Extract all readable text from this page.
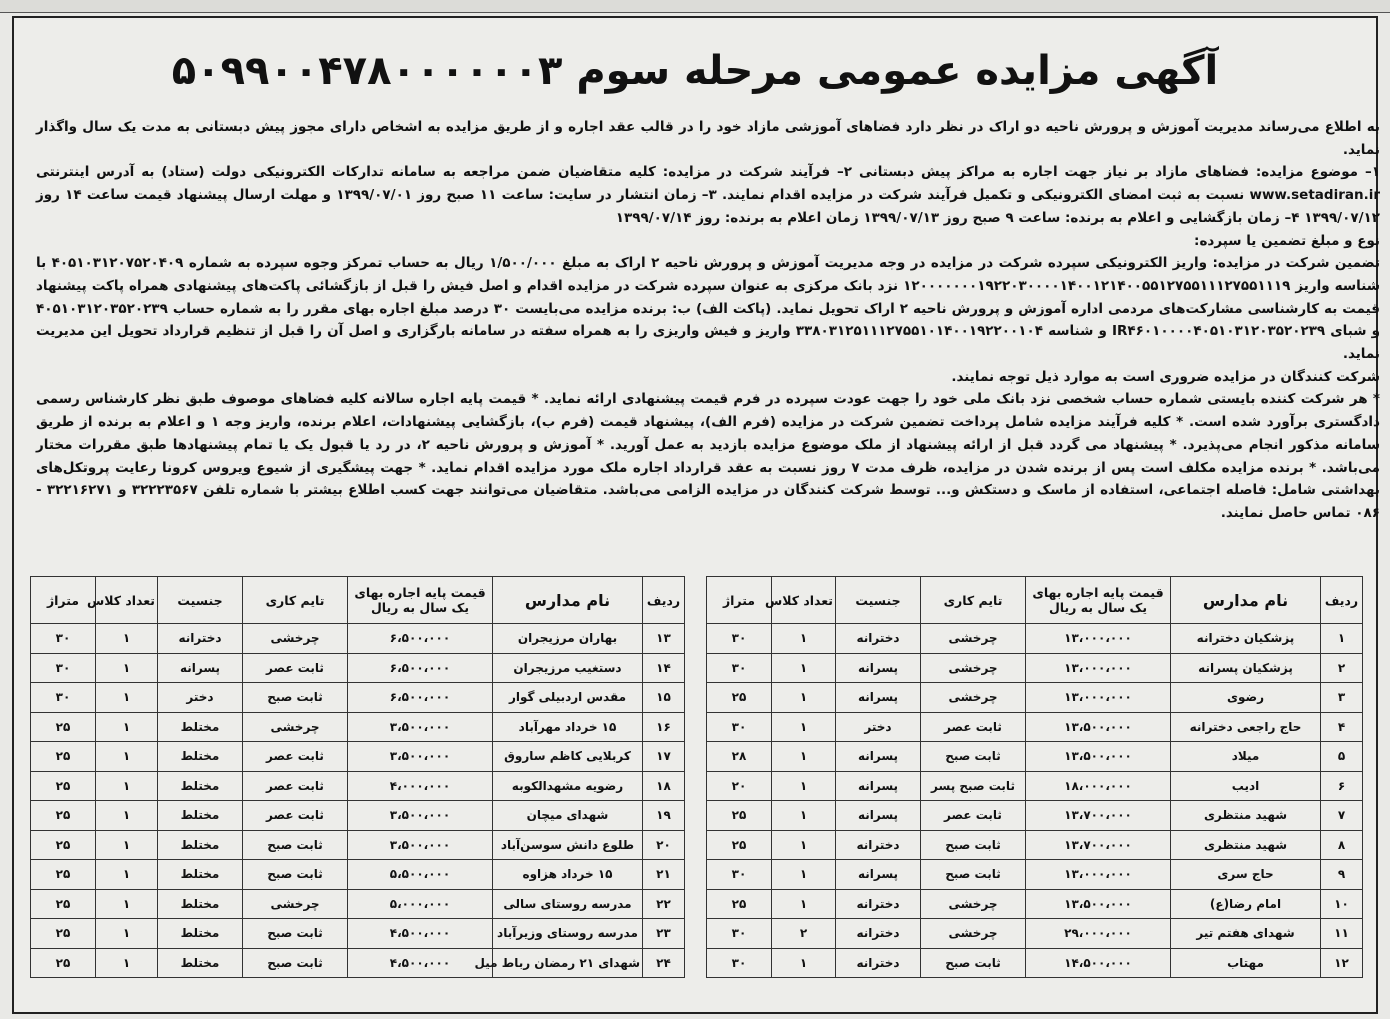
آگهی مزایده عمومی مرحله سوم ۵۰۹۹۰۰۴۷۸۰۰۰۰۰۰۳

به اطلاع می‌رساند مدیریت آموزش و پرورش ناحیه دو اراک در نظر دارد فضاهای آموزشی مازاد خود را در قالب عقد اجاره و از طریق مزایده به اشخاص دارای مجوز پیش دبستانی به مدت یک سال واگذار نماید.

۱– موضوع مزایده: فضاهای مازاد بر نیاز جهت اجاره به مراکز پیش دبستانی ۲– فرآیند شرکت در مزایده: کلیه متقاضیان ضمن مراجعه به سامانه تدارکات الکترونیکی دولت (ستاد) به آدرس اینترنتی www.setadiran.ir نسبت به ثبت امضای الکترونیکی و تکمیل فرآیند شرکت در مزایده اقدام نمایند. ۳– زمان انتشار در سایت: ساعت ۱۱ صبح روز ۱۳۹۹/۰۷/۰۱ و مهلت ارسال پیشنهاد قیمت ساعت ۱۴ روز ۱۳۹۹/۰۷/۱۲ ۴– زمان بازگشایی و اعلام به برنده: ساعت ۹ صبح روز ۱۳۹۹/۰۷/۱۳ زمان اعلام به برنده: روز ۱۳۹۹/۰۷/۱۴

نوع و مبلغ تضمین یا سپرده:

تضمین شرکت در مزایده: واریز الکترونیکی سپرده شرکت در مزایده در وجه مدیریت آموزش و پرورش ناحیه ۲ اراک به مبلغ ۱/۵۰۰/۰۰۰ ریال به حساب تمرکز وجوه سپرده به شماره ۴۰۵۱۰۳۱۲۰۷۵۲۰۴۰۹ با شناسه واریز ۱۲۰۰۰۰۰۰۰۱۹۲۲۰۳۰۰۰۰۱۴۰۰۱۲۱۴۰۰۵۵۱۲۷۵۵۱۱۱۲۷۵۵۱۱۱۹ نزد بانک مرکزی به عنوان سپرده شرکت در مزایده اقدام و اصل فیش را قبل از بازگشائی پاکت‌های پیشنهادی همراه پاکت پیشنهاد قیمت به کارشناسی مشارکت‌های مردمی اداره آموزش و پرورش ناحیه ۲ اراک تحویل نماید. (پاکت الف) ب: برنده مزایده می‌بایست ۳۰ درصد مبلغ اجاره بهای مقرر را به شماره حساب ۴۰۵۱۰۳۱۲۰۳۵۲۰۲۳۹ و شبای IR۴۶۰۱۰۰۰۰۴۰۵۱۰۳۱۲۰۳۵۲۰۲۳۹ و شناسه ۳۳۸۰۳۱۲۵۱۱۱۲۷۵۵۱۰۱۴۰۰۱۹۲۲۰۰۱۰۴ واریز و فیش واریزی را به همراه سفته در سامانه بارگزاری و اصل آن را قبل از تنظیم قرارداد تحویل این مدیریت نماید.

شرکت کنندگان در مزایده ضروری است به موارد ذیل توجه نمایند.

* هر شرکت کننده بایستی شماره حساب شخصی نزد بانک ملی خود را جهت عودت سپرده در فرم قیمت پیشنهادی ارائه نماید. * قیمت پایه اجاره سالانه کلیه فضاهای موصوف طبق نظر کارشناس رسمی دادگستری برآورد شده است. * کلیه فرآیند مزایده شامل پرداخت تضمین شرکت در مزایده (فرم الف)، پیشنهاد قیمت (فرم ب)، بازگشایی پیشنهادات، اعلام برنده، واریز وجه ۱ و اعلام به برنده از طریق سامانه مذکور انجام می‌پذیرد. * پیشنهاد می گردد قبل از ارائه پیشنهاد از ملک موضوع مزایده بازدید به عمل آورید. * آموزش و پرورش ناحیه ۲، در رد یا قبول یک یا تمام پیشنهادها طبق مقررات مختار می‌باشد. * برنده مزایده مکلف است پس از برنده شدن در مزایده، ظرف مدت ۷ روز نسبت به عقد قرارداد اجاره ملک مورد مزایده اقدام نماید. * جهت پیشگیری از شیوع ویروس کرونا رعایت پروتکل‌های بهداشتی شامل: فاصله اجتماعی، استفاده از ماسک و دستکش و... توسط شرکت کنندگان در مزایده الزامی می‌باشد. متقاضیان می‌توانند جهت کسب اطلاع بیشتر با شماره تلفن ۳۲۲۲۳۵۶۷ و ۳۲۲۱۶۲۷۱ - ۰۸۶ تماس حاصل نمایند.

ردیف	نام مدارس	قیمت پایه اجاره بهای یک سال به ریال	تایم کاری	جنسیت	تعداد کلاس	متراژ
۱	پزشکیان دخترانه	۱۳،۰۰۰،۰۰۰	چرخشی	دخترانه	۱	۳۰
۲	پزشکیان پسرانه	۱۳،۰۰۰،۰۰۰	چرخشی	پسرانه	۱	۳۰
۳	رضوی	۱۳،۰۰۰،۰۰۰	چرخشی	پسرانه	۱	۲۵
۴	حاج راجعی دخترانه	۱۳،۵۰۰،۰۰۰	ثابت عصر	دختر	۱	۳۰
۵	میلاد	۱۳،۵۰۰،۰۰۰	ثابت صبح	پسرانه	۱	۲۸
۶	ادیب	۱۸،۰۰۰،۰۰۰	ثابت صبح پسر	پسرانه	۱	۲۰
۷	شهید منتظری	۱۳،۷۰۰،۰۰۰	ثابت عصر	پسرانه	۱	۲۵
۸	شهید منتظری	۱۳،۷۰۰،۰۰۰	ثابت صبح	دخترانه	۱	۲۵
۹	حاج سری	۱۳،۰۰۰،۰۰۰	ثابت صبح	پسرانه	۱	۳۰
۱۰	امام رضا(ع)	۱۳،۵۰۰،۰۰۰	چرخشی	دخترانه	۱	۲۵
۱۱	شهدای هفتم تیر	۲۹،۰۰۰،۰۰۰	چرخشی	دخترانه	۲	۳۰
۱۲	مهتاب	۱۴،۵۰۰،۰۰۰	ثابت صبح	دخترانه	۱	۳۰
ردیف	نام مدارس	قیمت پایه اجاره بهای یک سال به ریال	تایم کاری	جنسیت	تعداد کلاس	متراژ
۱۳	بهاران مرزیجران	۶،۵۰۰،۰۰۰	چرخشی	دخترانه	۱	۳۰
۱۴	دستغیب مرزیجران	۶،۵۰۰،۰۰۰	ثابت عصر	پسرانه	۱	۳۰
۱۵	مقدس اردبیلی گوار	۶،۵۰۰،۰۰۰	ثابت صبح	دختر	۱	۳۰
۱۶	۱۵ خرداد مهرآباد	۳،۵۰۰،۰۰۰	چرخشی	مختلط	۱	۲۵
۱۷	کربلایی کاظم ساروق	۳،۵۰۰،۰۰۰	ثابت عصر	مختلط	۱	۲۵
۱۸	رضویه مشهدالکوبه	۴،۰۰۰،۰۰۰	ثابت عصر	مختلط	۱	۲۵
۱۹	شهدای میچان	۳،۵۰۰،۰۰۰	ثابت عصر	مختلط	۱	۲۵
۲۰	طلوع دانش سوسن‌آباد	۳،۵۰۰،۰۰۰	ثابت صبح	مختلط	۱	۲۵
۲۱	۱۵ خرداد هزاوه	۵،۵۰۰،۰۰۰	ثابت صبح	مختلط	۱	۲۵
۲۲	مدرسه روستای سالی	۵،۰۰۰،۰۰۰	چرخشی	مختلط	۱	۲۵
۲۳	مدرسه روستای وزیرآباد	۴،۵۰۰،۰۰۰	ثابت صبح	مختلط	۱	۲۵
۲۴	شهدای ۲۱ رمضان رباط میل	۴،۵۰۰،۰۰۰	ثابت صبح	مختلط	۱	۲۵
